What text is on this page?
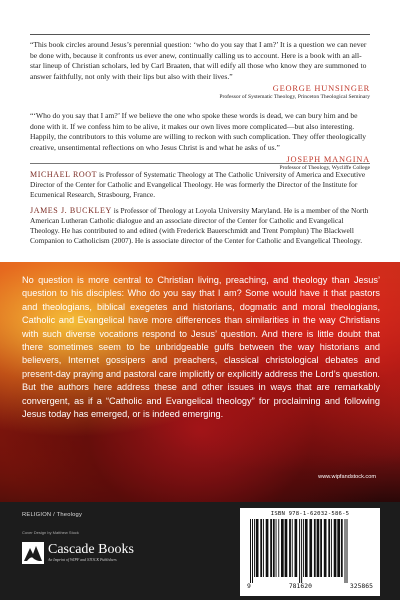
“This book circles around Jesus’s perennial question: ‘who do you say that I am?’ It is a question we can never be done with, because it confronts us ever anew, continually calling us to account. Here is a book with an all-star lineup of Christian scholars, led by Carl Braaten, that will edify all those who know they are summoned to answer faithfully, not only with their lips but also with their lives.”

GEORGE HUNSINGER
Professor of Systematic Theology, Princeton Theological Seminary

“‘Who do you say that I am?’ If we believe the one who spoke these words is dead, we can bury him and be done with it. If we confess him to be alive, it makes our own lives more complicated—but also interesting. Happily, the contributors to this volume are willing to reckon with such complication. They offer theologically creative, unsentimental reflections on who Jesus Christ is and what he asks of us.”

JOSEPH MANGINA
Professor of Theology, Wycliffe College

MICHAEL ROOT is Professor of Systematic Theology at The Catholic University of America and Executive Director of the Center for Catholic and Evangelical Theology. He was formerly the Director of the Institute for Ecumenical Research, Strasbourg, France.

JAMES J. BUCKLEY is Professor of Theology at Loyola University Maryland. He is a member of the North American Lutheran Catholic dialogue and an associate director of the Center for Catholic and Evangelical Theology. He has contributed to and edited (with Frederick Bauerschmidt and Trent Pomplun) The Blackwell Companion to Catholicism (2007). He is associate director of the Center for Catholic and Evangelical Theology.

No question is more central to Christian living, preaching, and theology than Jesus’ question to his disciples: Who do you say that I am? Some would have it that pastors and theologians, biblical exegetes and historians, dogmatic and moral theologians, Catholic and Evangelical have more differences than similarities in the way Christians with such diverse vocations respond to Jesus’ question. And there is little doubt that there sometimes seem to be unbridgeable gulfs between the way historians and believers, Internet gossipers and preachers, classical christological debates and present-day praying and pastoral care implicitly or explicitly address the Lord’s question. But the authors here address these and other issues in ways that are remarkably convergent, as if a “Catholic and Evangelical theology” for proclaiming and following Jesus today has emerged, or is indeed emerging.

www.wipfandstock.com
RELIGION / Theology
Cover Design by Matthew Stock
Cascade Books
An Imprint of WIPF and STOCK Publishers
ISBN 978-1-62032-586-5
9	781620	325865
